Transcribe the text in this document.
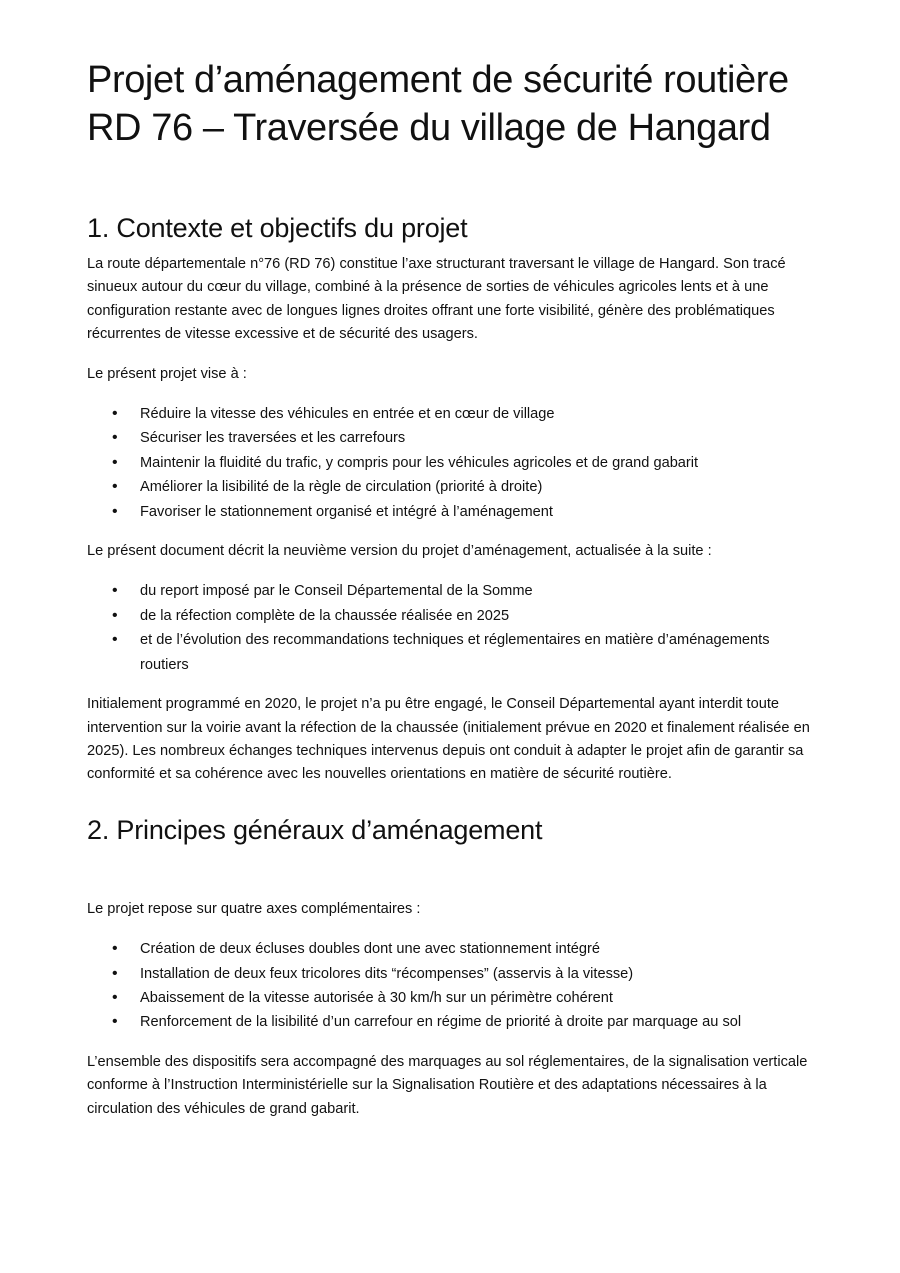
Projet d’aménagement de sécurité routière
RD 76 – Traversée du village de Hangard
1. Contexte et objectifs du projet

La route départementale n°76 (RD 76) constitue l’axe structurant traversant le village de Hangard. Son tracé sinueux autour du cœur du village, combiné à la présence de sorties de véhicules agricoles lents et à une configuration restante avec de longues lignes droites offrant une forte visibilité, génère des problématiques récurrentes de vitesse excessive et de sécurité des usagers.

Le présent projet vise à :

• Réduire la vitesse des véhicules en entrée et en cœur de village
• Sécuriser les traversées et les carrefours
• Maintenir la fluidité du trafic, y compris pour les véhicules agricoles et de grand gabarit
• Améliorer la lisibilité de la règle de circulation (priorité à droite)
• Favoriser le stationnement organisé et intégré à l’aménagement

Le présent document décrit la neuvième version du projet d’aménagement, actualisée à la suite :

• du report imposé par le Conseil Départemental de la Somme
• de la réfection complète de la chaussée réalisée en 2025
• et de l’évolution des recommandations techniques et réglementaires en matière d’aménagements routiers

Initialement programmé en 2020, le projet n’a pu être engagé, le Conseil Départemental ayant interdit toute intervention sur la voirie avant la réfection de la chaussée (initialement prévue en 2020 et finalement réalisée en 2025). Les nombreux échanges techniques intervenus depuis ont conduit à adapter le projet afin de garantir sa conformité et sa cohérence avec les nouvelles orientations en matière de sécurité routière.

2. Principes généraux d’aménagement

Le projet repose sur quatre axes complémentaires :

• Création de deux écluses doubles dont une avec stationnement intégré
• Installation de deux feux tricolores dits “récompenses” (asservis à la vitesse)
• Abaissement de la vitesse autorisée à 30 km/h sur un périmètre cohérent
• Renforcement de la lisibilité d’un carrefour en régime de priorité à droite par marquage au sol

L’ensemble des dispositifs sera accompagné des marquages au sol réglementaires, de la signalisation verticale conforme à l’Instruction Interministérielle sur la Signalisation Routière et des adaptations nécessaires à la circulation des véhicules de grand gabarit.
